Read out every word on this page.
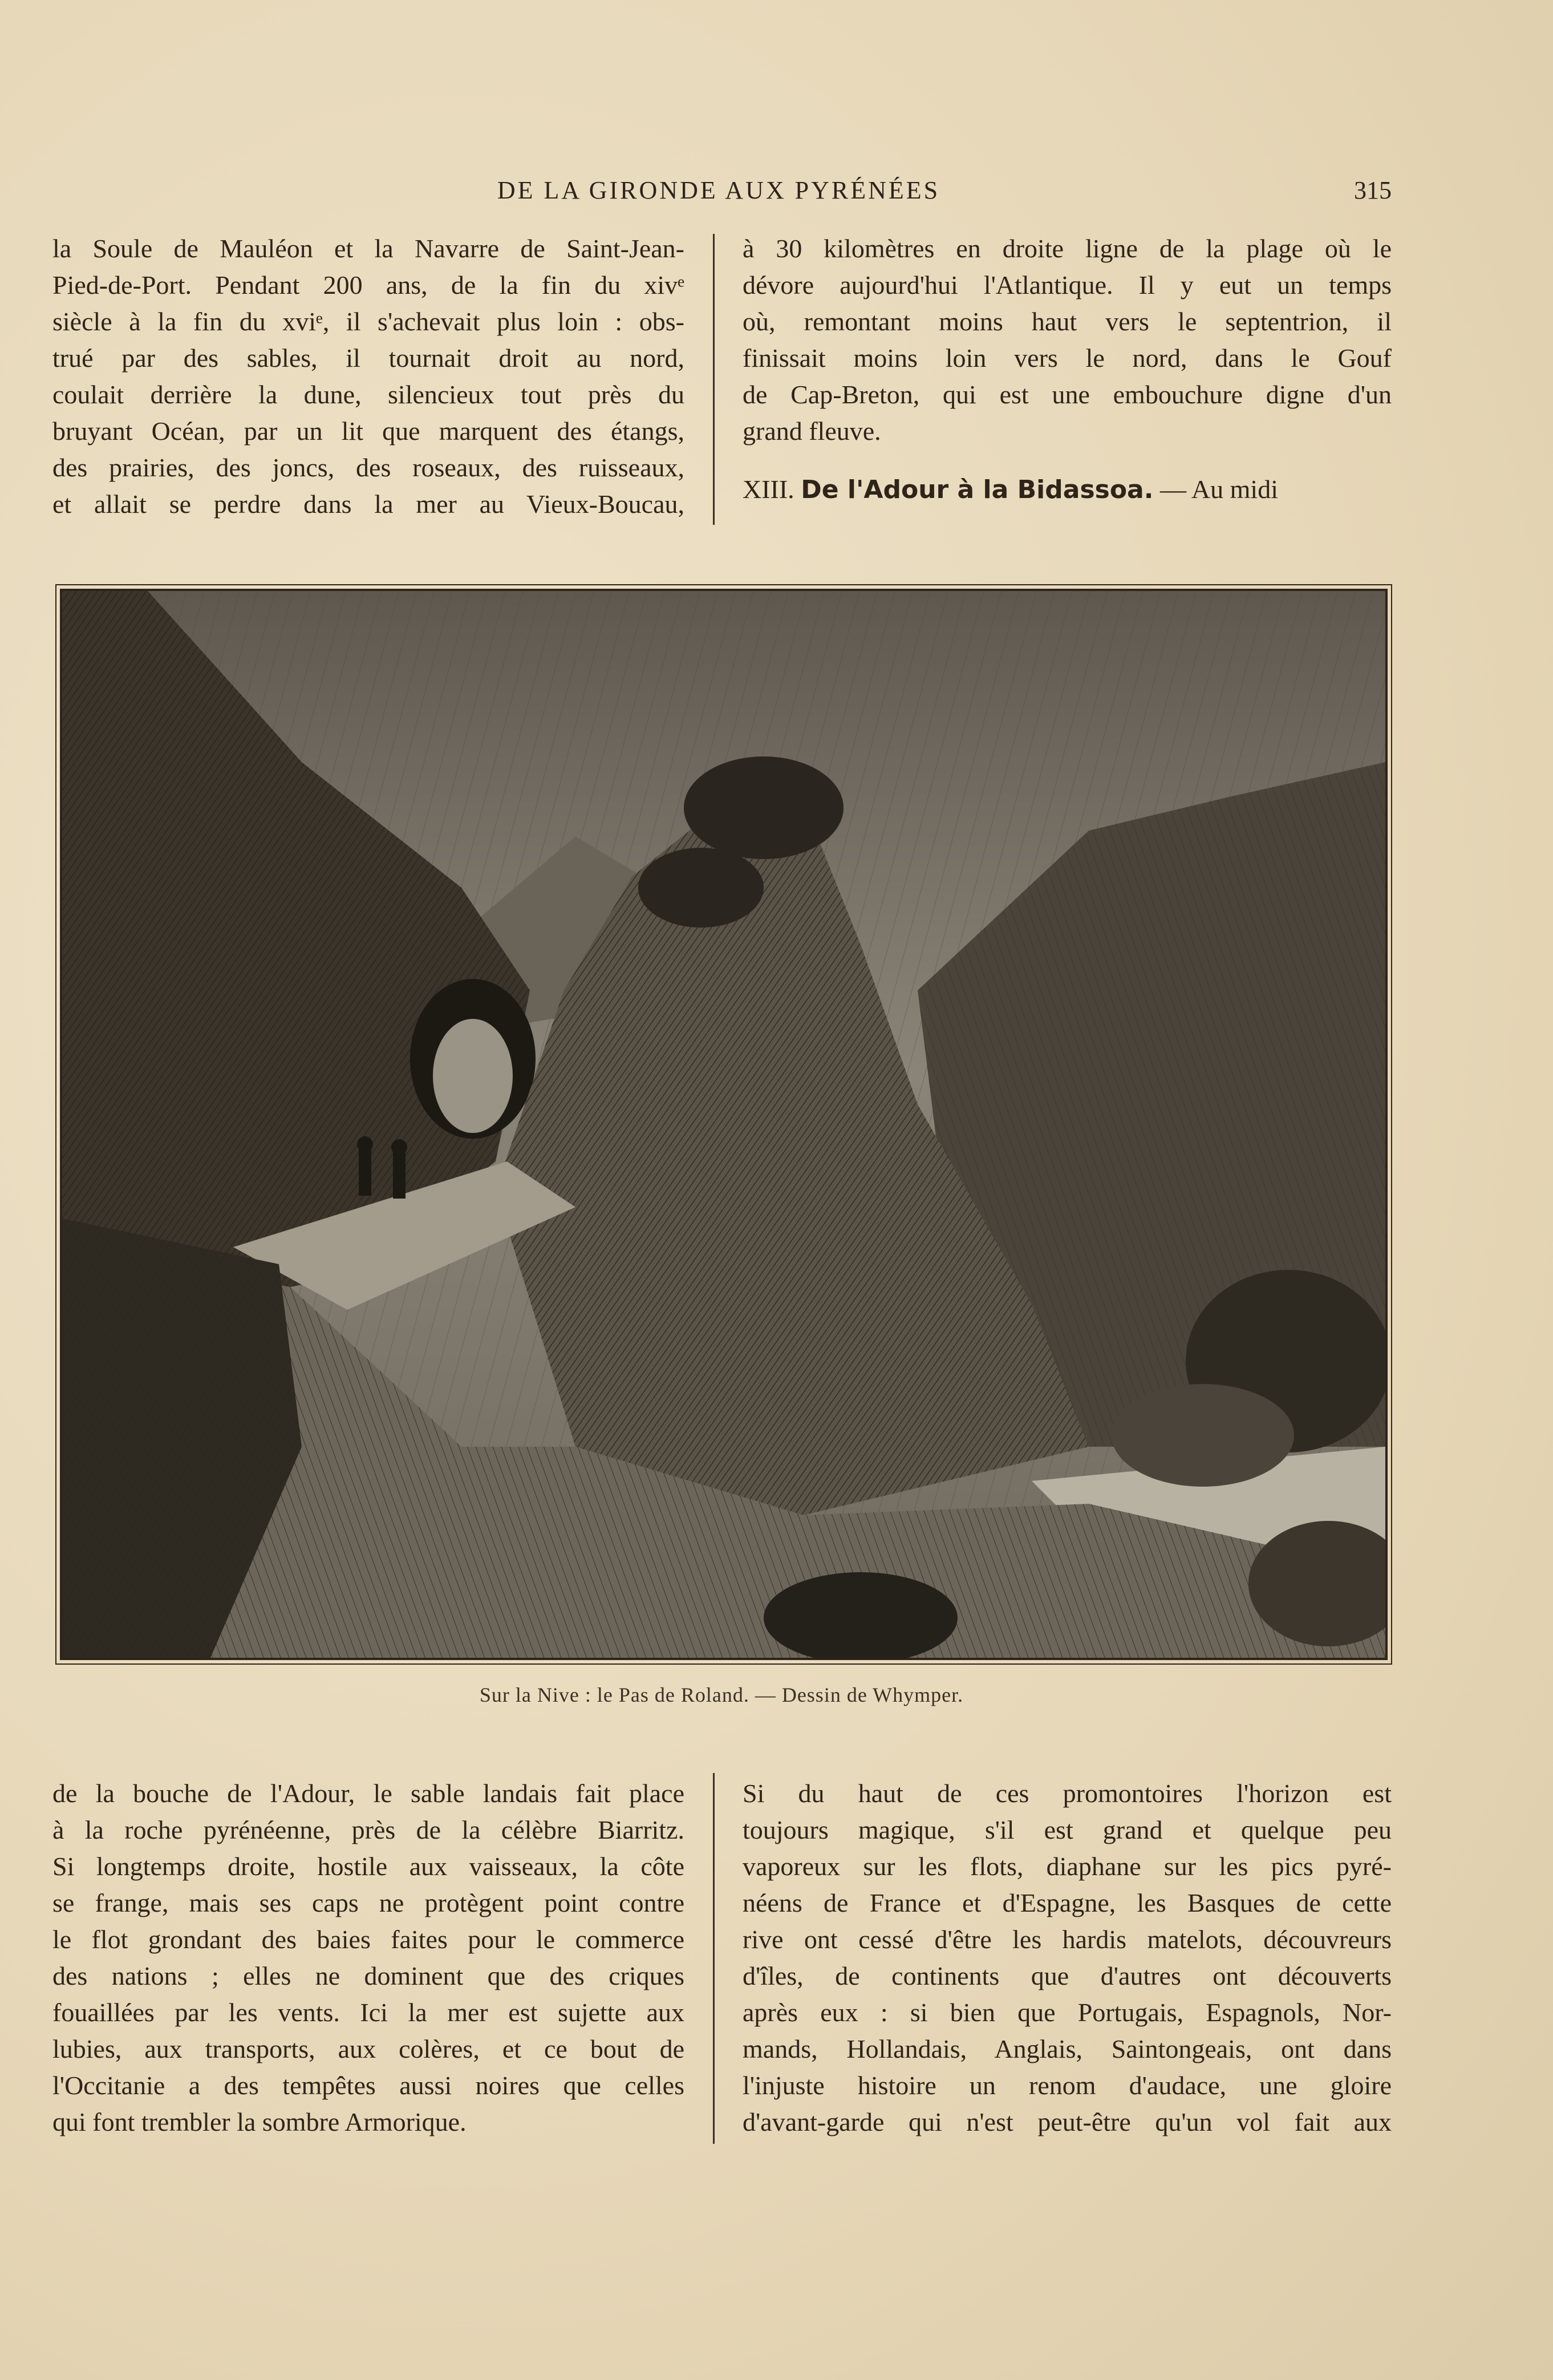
DE LA GIRONDE AUX PYRÉNÉES	315
la Soule de Mauléon et la Navarre de Saint-Jean-
Pied-de-Port. Pendant 200 ans, de la fin du xivᵉ
siècle à la fin du xviᵉ, il s'achevait plus loin : obs-
trué par des sables, il tournait droit au nord,
coulait derrière la dune, silencieux tout près du
bruyant Océan, par un lit que marquent des étangs,
des prairies, des joncs, des roseaux, des ruisseaux,
et allait se perdre dans la mer au Vieux-Boucau,
à 30 kilomètres en droite ligne de la plage où le
dévore aujourd'hui l'Atlantique. Il y eut un temps
où, remontant moins haut vers le septentrion, il
finissait moins loin vers le nord, dans le Gouf
de Cap-Breton, qui est une embouchure digne d'un
grand fleuve.
XIII. De l'Adour à la Bidassoa. — Au midi
Sur la Nive : le Pas de Roland. — Dessin de Whymper.
de la bouche de l'Adour, le sable landais fait place
à la roche pyrénéenne, près de la célèbre Biarritz.
Si longtemps droite, hostile aux vaisseaux, la côte
se frange, mais ses caps ne protègent point contre
le flot grondant des baies faites pour le commerce
des nations ; elles ne dominent que des criques
fouaillées par les vents. Ici la mer est sujette aux
lubies, aux transports, aux colères, et ce bout de
l'Occitanie a des tempêtes aussi noires que celles
qui font trembler la sombre Armorique.
Si du haut de ces promontoires l'horizon est
toujours magique, s'il est grand et quelque peu
vaporeux sur les flots, diaphane sur les pics pyré-
néens de France et d'Espagne, les Basques de cette
rive ont cessé d'être les hardis matelots, découvreurs
d'îles, de continents que d'autres ont découverts
après eux : si bien que Portugais, Espagnols, Nor-
mands, Hollandais, Anglais, Saintongeais, ont dans
l'injuste histoire un renom d'audace, une gloire
d'avant-garde qui n'est peut-être qu'un vol fait aux
